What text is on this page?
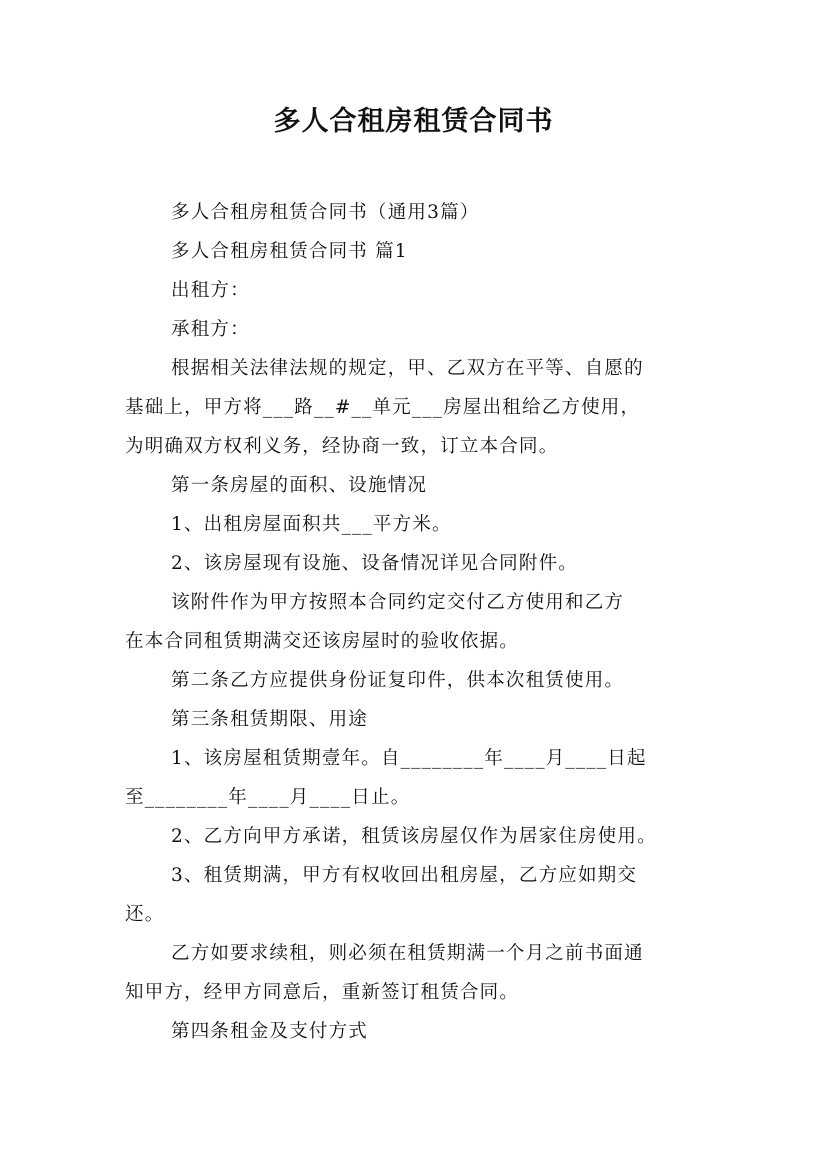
多人合租房租赁合同书

多人合租房租赁合同书（通用3篇）

多人合租房租赁合同书 篇1

出租方：

承租方：

根据相关法律法规的规定，甲、乙双方在平等、自愿的

基础上，甲方将___路__#__单元___房屋出租给乙方使用，

为明确双方权利义务，经协商一致，订立本合同。

第一条房屋的面积、设施情况

1、出租房屋面积共___平方米。

2、该房屋现有设施、设备情况详见合同附件。

该附件作为甲方按照本合同约定交付乙方使用和乙方

在本合同租赁期满交还该房屋时的验收依据。

第二条乙方应提供身份证复印件，供本次租赁使用。

第三条租赁期限、用途

1、该房屋租赁期壹年。自________年____月____日起

至________年____月____日止。

2、乙方向甲方承诺，租赁该房屋仅作为居家住房使用。

3、租赁期满，甲方有权收回出租房屋，乙方应如期交

还。

乙方如要求续租，则必须在租赁期满一个月之前书面通

知甲方，经甲方同意后，重新签订租赁合同。

第四条租金及支付方式
